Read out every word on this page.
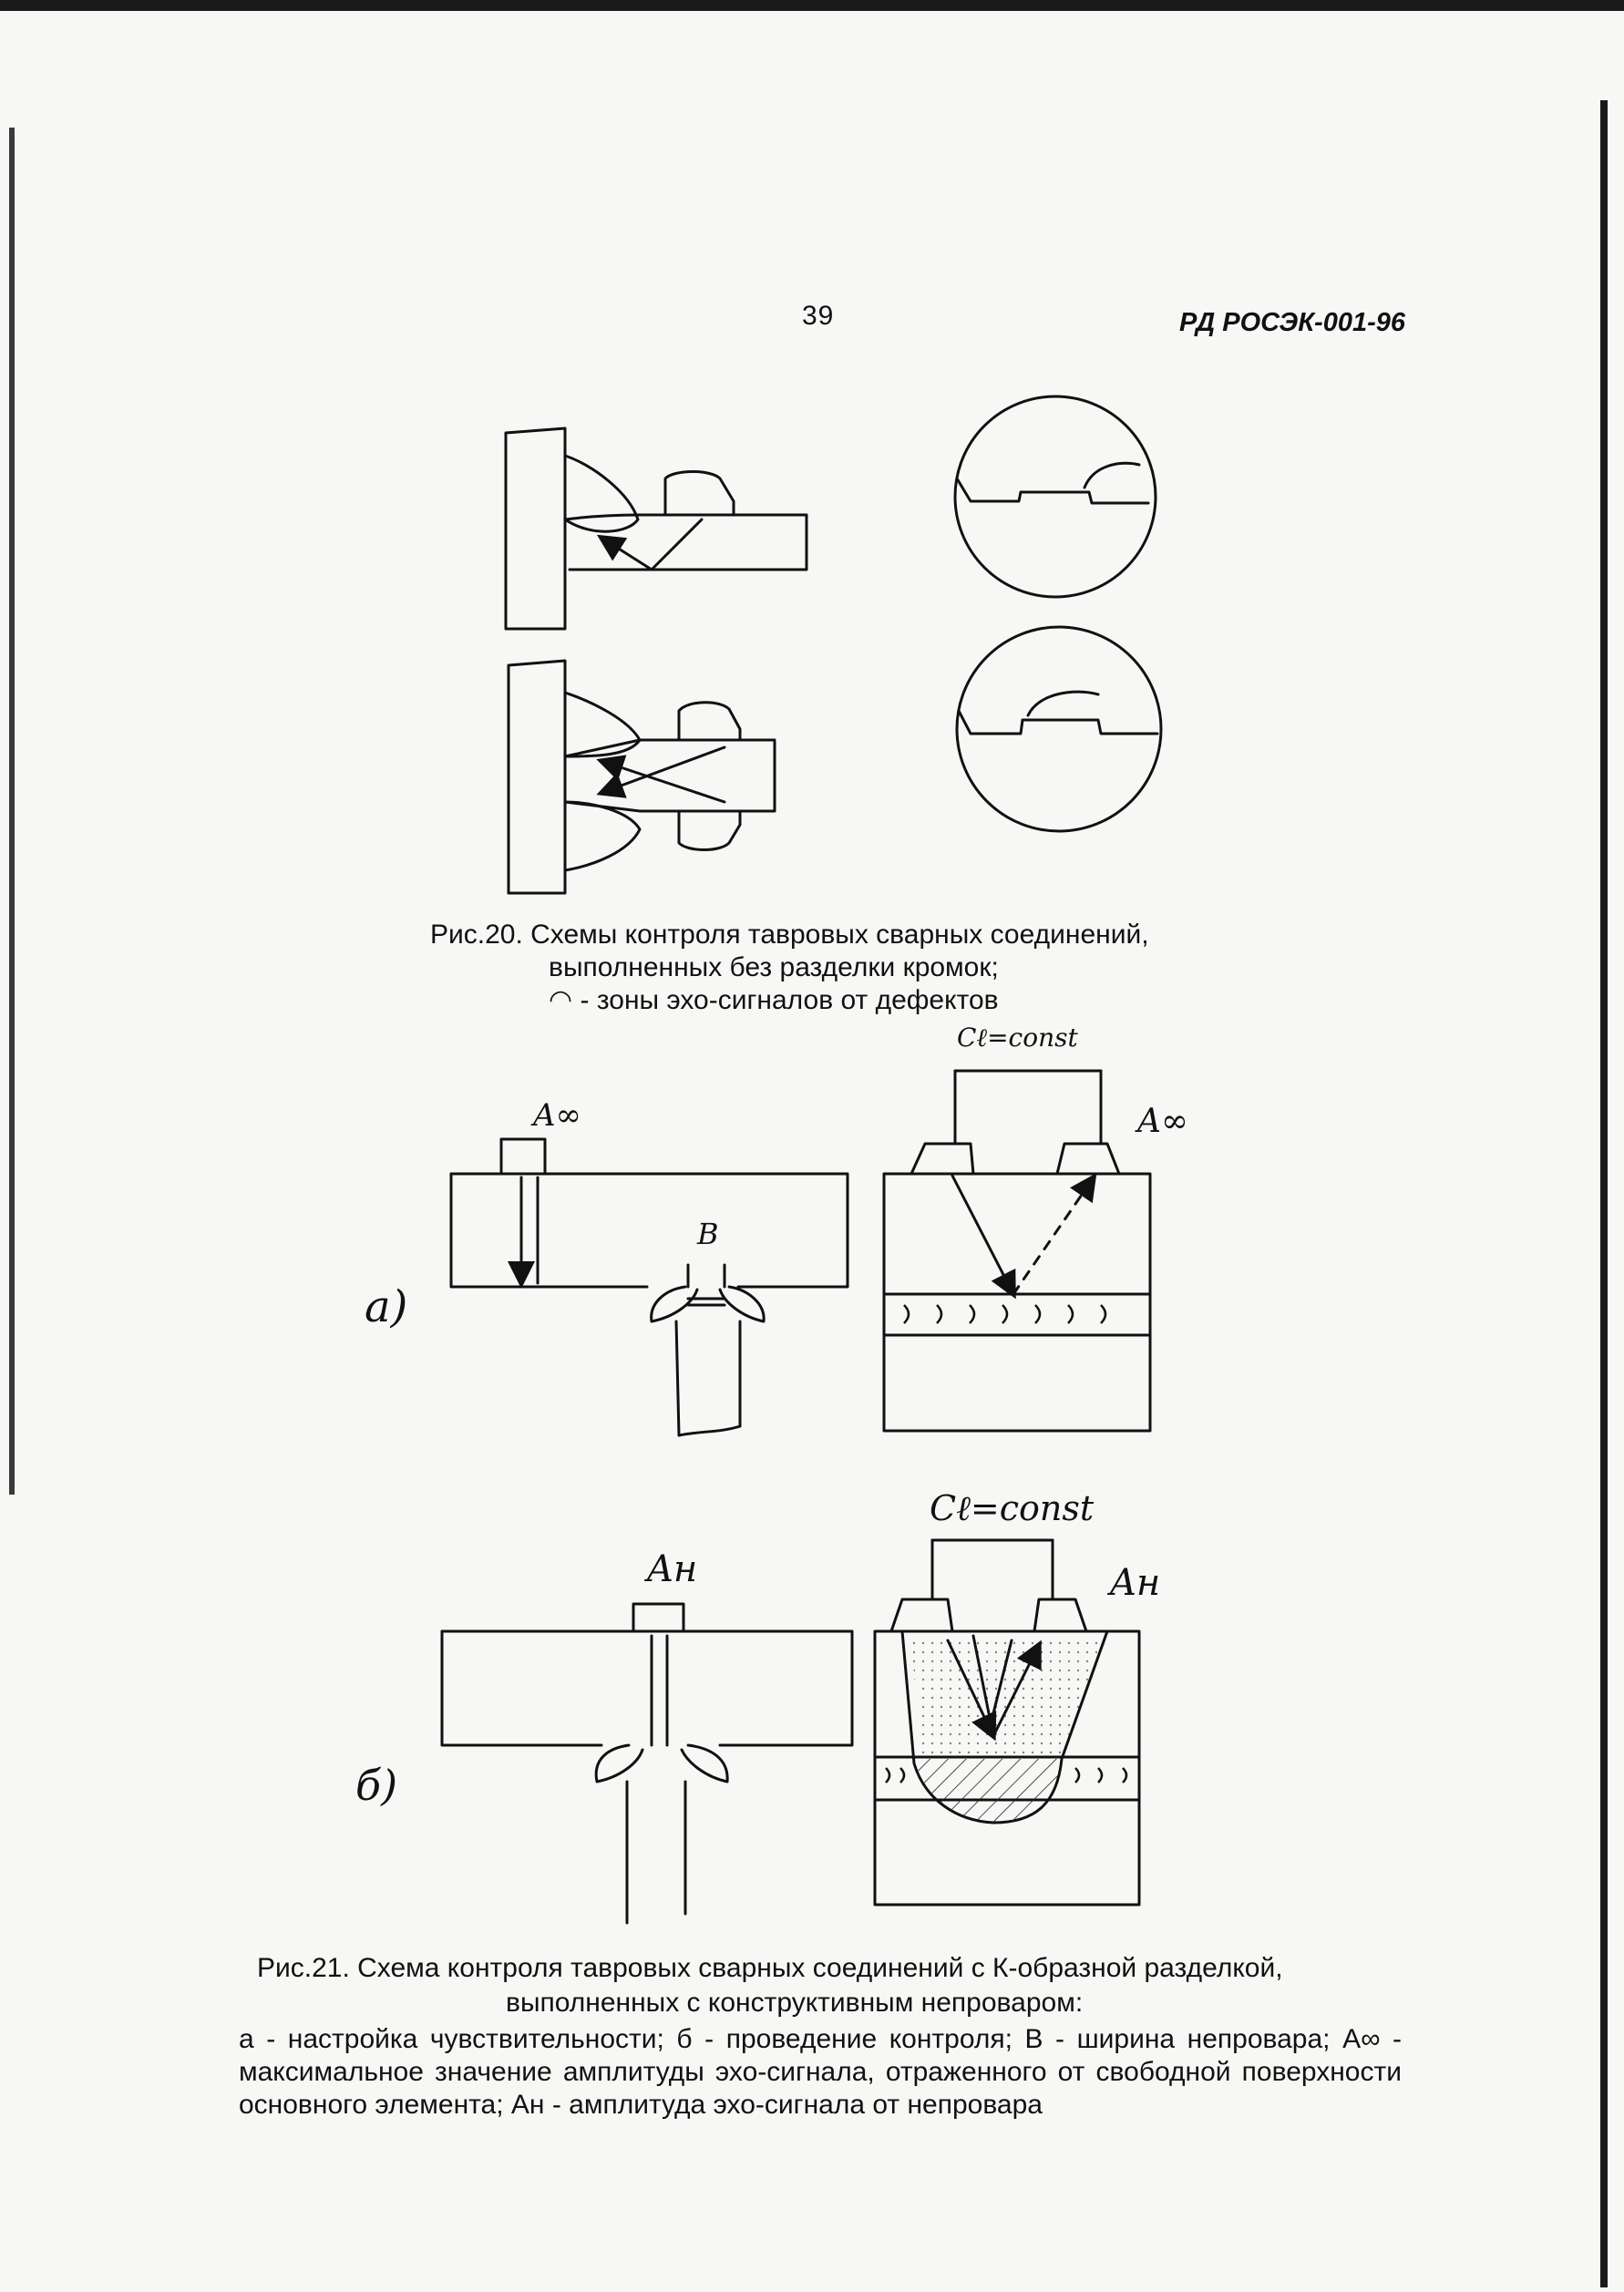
39	РД РОСЭК-001-96
A∞	A∞
B
Cℓ=const
а)
Cℓ=const
Aн	Aн
б)
Рис.20. Схемы контроля тавровых сварных соединений,
выполненных без разделки кромок;
◠ - зоны эхо-сигналов от дефектов
Рис.21. Схема контроля тавровых сварных соединений с К-образной разделкой,
выполненных с конструктивным непроваром:
а - настройка чувствительности; б - проведение контроля; В - ширина непровара; A∞ - максимальное значение амплитуды эхо-сигнала, отраженного от свободной поверхности основного элемента; Aн - амплитуда эхо-сигнала от непровара
